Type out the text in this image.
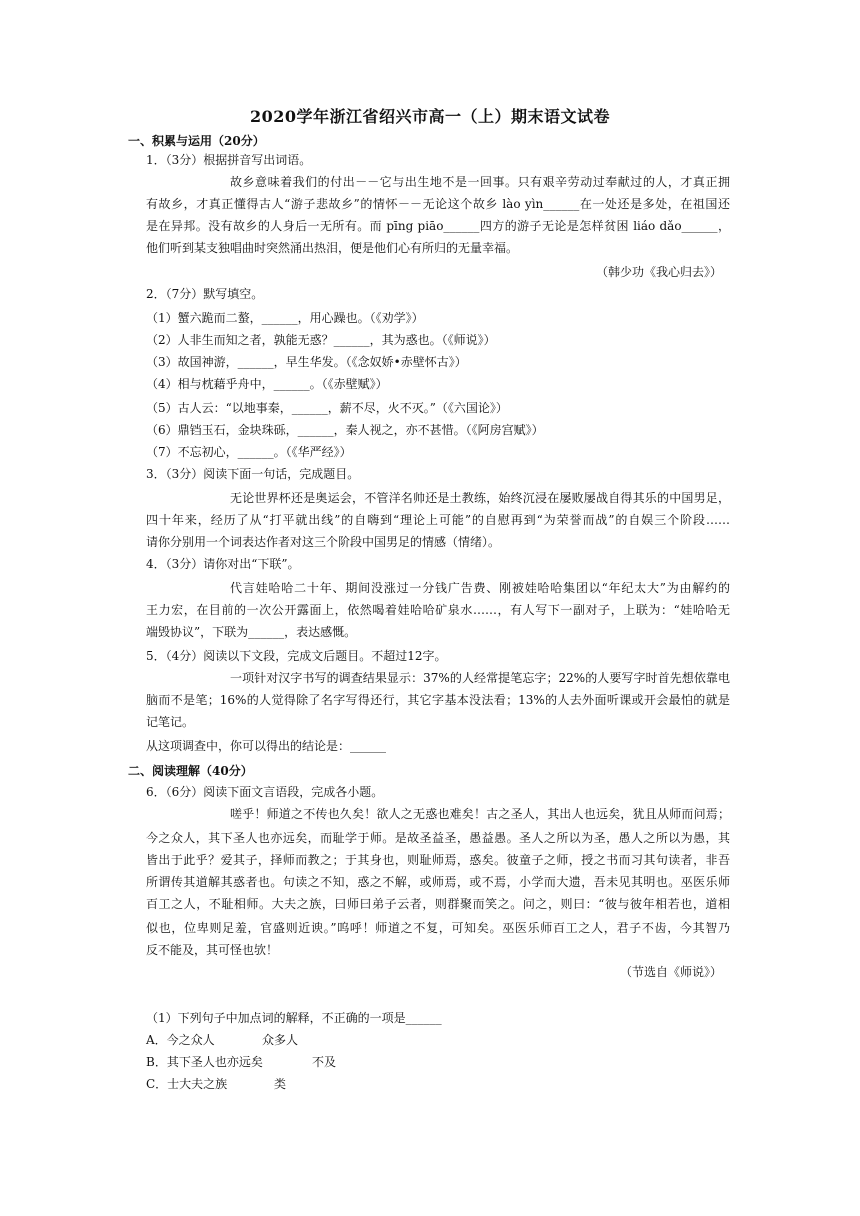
2020学年浙江省绍兴市高一（上）期末语文试卷
一、积累与运用（20分）
1．（3分）根据拼音写出词语。
故乡意味着我们的付出－－它与出生地不是一回事。只有艰辛劳动过奉献过的人，才真正拥
有故乡，才真正懂得古人“游子悲故乡”的情怀－－无论这个故乡 lào yìn______在一处还是多处，在祖国还
是在异邦。没有故乡的人身后一无所有。而 pīng piāo______四方的游子无论是怎样贫困 liáo dǎo______，
他们听到某支独唱曲时突然涌出热泪，便是他们心有所归的无量幸福。
（韩少功《我心归去》）
2．（7分）默写填空。
（1）蟹六跪而二螯，______，用心躁也。（《劝学》）
（2）人非生而知之者，孰能无惑？______，其为惑也。（《师说》）
（3）故国神游，______，早生华发。（《念奴娇•赤壁怀古》）
（4）相与枕藉乎舟中，______。（《赤壁赋》）
（5）古人云：“以地事秦，______，薪不尽，火不灭。”（《六国论》）
（6）鼎铛玉石，金块珠砾，______，秦人视之，亦不甚惜。（《阿房宫赋》）
（7）不忘初心，______。（《华严经》）
3．（3分）阅读下面一句话，完成题目。
无论世界杯还是奥运会，不管洋名帅还是土教练，始终沉浸在屡败屡战自得其乐的中国男足，
四十年来，经历了从“打平就出线”的自嗨到“理论上可能”的自慰再到“为荣誉而战”的自娱三个阶段……
请你分别用一个词表达作者对这三个阶段中国男足的情感（情绪）。
4．（3分）请你对出“下联”。
代言娃哈哈二十年、期间没涨过一分钱广告费、刚被娃哈哈集团以“年纪太大”为由解约的
王力宏，在目前的一次公开露面上，依然喝着娃哈哈矿泉水……，有人写下一副对子，上联为：“娃哈哈无
端毁协议”，下联为______，表达感慨。
5．（4分）阅读以下文段，完成文后题目。不超过12字。
一项针对汉字书写的调查结果显示：37%的人经常提笔忘字；22%的人要写字时首先想依靠电
脑而不是笔；16%的人觉得除了名字写得还行，其它字基本没法看；13%的人去外面听课或开会最怕的就是
记笔记。
从这项调查中，你可以得出的结论是：______
二、阅读理解（40分）
6．（6分）阅读下面文言语段，完成各小题。
嗟乎！师道之不传也久矣！欲人之无惑也难矣！古之圣人，其出人也远矣，犹且从师而问焉；
今之众人，其下圣人也亦远矣，而耻学于师。是故圣益圣，愚益愚。圣人之所以为圣，愚人之所以为愚，其
皆出于此乎？爱其子，择师而教之；于其身也，则耻师焉，惑矣。彼童子之师，授之书而习其句读者，非吾
所谓传其道解其惑者也。句读之不知，惑之不解，或师焉，或不焉，小学而大遗，吾未见其明也。巫医乐师
百工之人，不耻相师。大夫之族，曰师曰弟子云者，则群聚而笑之。问之，则曰：“彼与彼年相若也，道相
似也，位卑则足羞，官盛则近谀。”呜呼！师道之不复，可知矣。巫医乐师百工之人，君子不齿，今其智乃
反不能及，其可怪也欤！
（节选自《师说》）
（1）下列句子中加点词的解释，不正确的一项是______
A．今之众人	众多人
B．其下圣人也亦远矣	不及
C．士大夫之族	类
